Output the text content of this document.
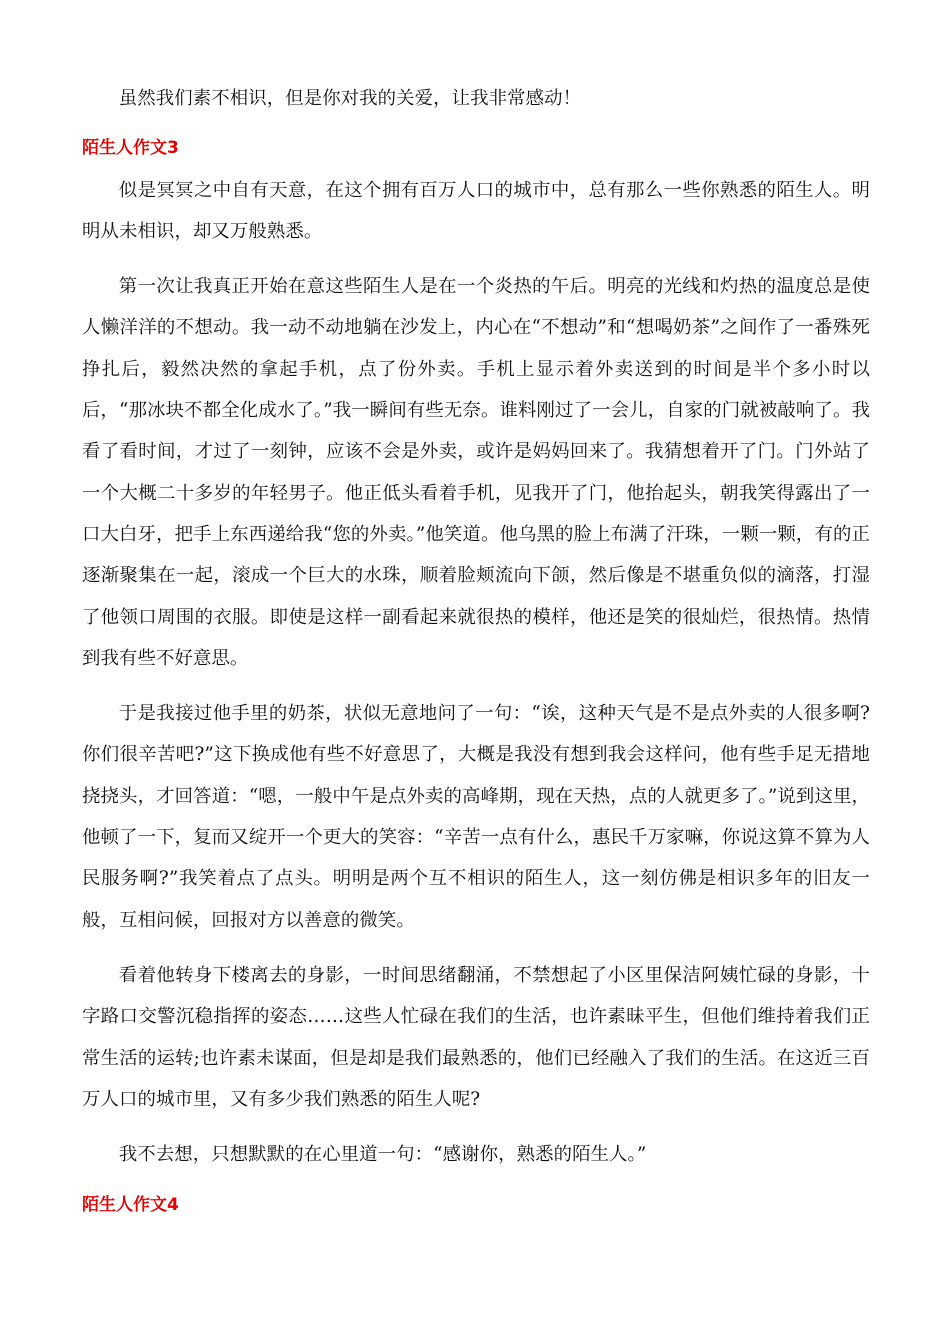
虽然我们素不相识，但是你对我的关爱，让我非常感动！

陌生人作文3

似是冥冥之中自有天意，在这个拥有百万人口的城市中，总有那么一些你熟悉的陌生人。明明从未相识，却又万般熟悉。

第一次让我真正开始在意这些陌生人是在一个炎热的午后。明亮的光线和灼热的温度总是使人懒洋洋的不想动。我一动不动地躺在沙发上，内心在“不想动”和“想喝奶茶”之间作了一番殊死挣扎后，毅然决然的拿起手机，点了份外卖。手机上显示着外卖送到的时间是半个多小时以后，“那冰块不都全化成水了。”我一瞬间有些无奈。谁料刚过了一会儿，自家的门就被敲响了。我看了看时间，才过了一刻钟，应该不会是外卖，或许是妈妈回来了。我猜想着开了门。门外站了一个大概二十多岁的年轻男子。他正低头看着手机，见我开了门，他抬起头，朝我笑得露出了一口大白牙，把手上东西递给我“您的外卖。”他笑道。他乌黑的脸上布满了汗珠，一颗一颗，有的正逐渐聚集在一起，滚成一个巨大的水珠，顺着脸颊流向下颌，然后像是不堪重负似的滴落，打湿了他领口周围的衣服。即使是这样一副看起来就很热的模样，他还是笑的很灿烂，很热情。热情到我有些不好意思。

于是我接过他手里的奶茶，状似无意地问了一句：“诶，这种天气是不是点外卖的人很多啊?你们很辛苦吧?”这下换成他有些不好意思了，大概是我没有想到我会这样问，他有些手足无措地挠挠头，才回答道：“嗯，一般中午是点外卖的高峰期，现在天热，点的人就更多了。”说到这里，他顿了一下，复而又绽开一个更大的笑容：“辛苦一点有什么，惠民千万家嘛，你说这算不算为人民服务啊?”我笑着点了点头。明明是两个互不相识的陌生人，这一刻仿佛是相识多年的旧友一般，互相问候，回报对方以善意的微笑。

看着他转身下楼离去的身影，一时间思绪翻涌，不禁想起了小区里保洁阿姨忙碌的身影，十字路口交警沉稳指挥的姿态……这些人忙碌在我们的生活，也许素昧平生，但他们维持着我们正常生活的运转;也许素未谋面，但是却是我们最熟悉的，他们已经融入了我们的生活。在这近三百万人口的城市里，又有多少我们熟悉的陌生人呢?

我不去想，只想默默的在心里道一句：“感谢你，熟悉的陌生人。”

陌生人作文4
